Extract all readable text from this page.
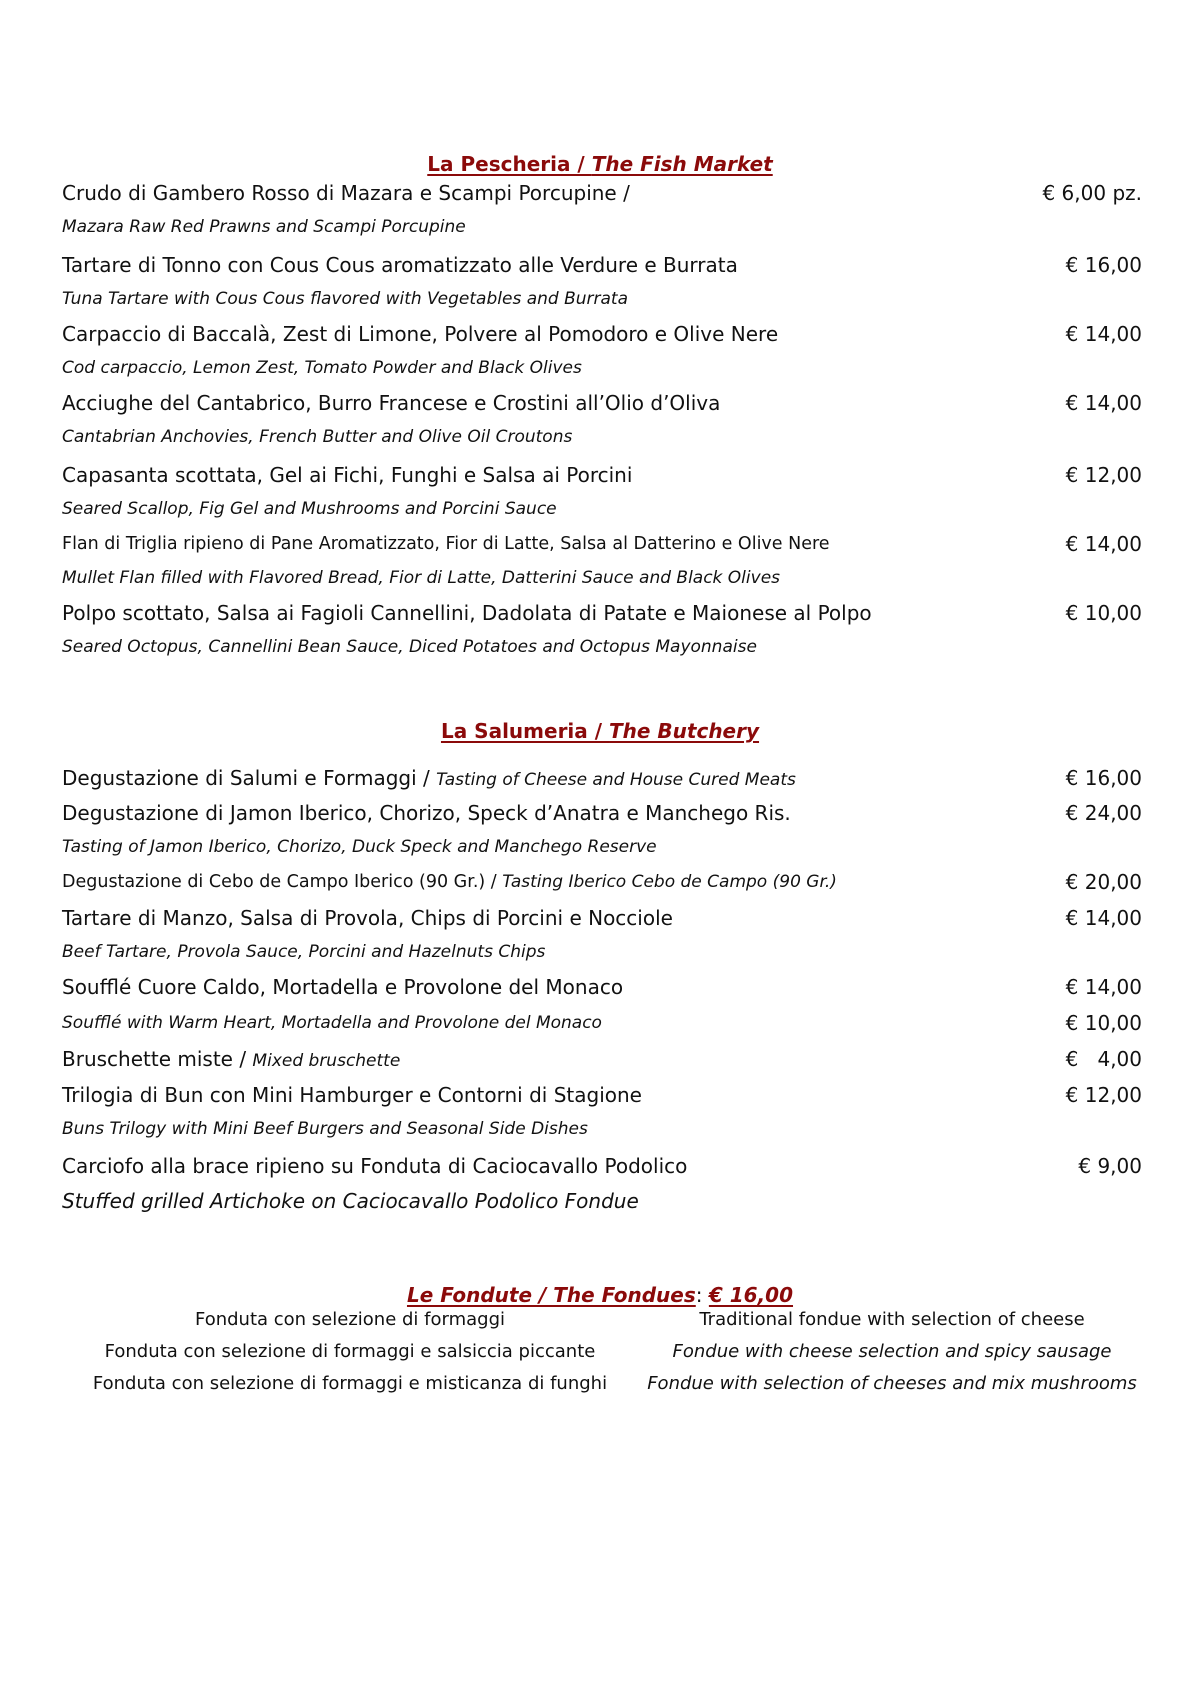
La Pescheria / The Fish Market
Crudo di Gambero Rosso di Mazara e Scampi Porcupine /	€ 6,00 pz.
Mazara Raw Red Prawns and Scampi Porcupine
Tartare di Tonno con Cous Cous aromatizzato alle Verdure e Burrata	€ 16,00
Tuna Tartare with Cous Cous flavored with Vegetables and Burrata
Carpaccio di Baccalà, Zest di Limone, Polvere al Pomodoro e Olive Nere	€ 14,00
Cod carpaccio, Lemon Zest, Tomato Powder and Black Olives
Acciughe del Cantabrico, Burro Francese e Crostini all’Olio d’Oliva	€ 14,00
Cantabrian Anchovies, French Butter and Olive Oil Croutons
Capasanta scottata, Gel ai Fichi, Funghi e Salsa ai Porcini	€ 12,00
Seared Scallop, Fig Gel and Mushrooms and Porcini Sauce
Flan di Triglia ripieno di Pane Aromatizzato, Fior di Latte, Salsa al Datterino e Olive Nere	€ 14,00
Mullet Flan filled with Flavored Bread, Fior di Latte, Datterini Sauce and Black Olives
Polpo scottato, Salsa ai Fagioli Cannellini, Dadolata di Patate e Maionese al Polpo	€ 10,00
Seared Octopus, Cannellini Bean Sauce, Diced Potatoes and Octopus Mayonnaise
La Salumeria / The Butchery
Degustazione di Salumi e Formaggi / Tasting of Cheese and House Cured Meats	€ 16,00
Degustazione di Jamon Iberico, Chorizo, Speck d’Anatra e Manchego Ris.	€ 24,00
Tasting of Jamon Iberico, Chorizo, Duck Speck and Manchego Reserve
Degustazione di Cebo de Campo Iberico (90 Gr.) / Tasting Iberico Cebo de Campo (90 Gr.)	€ 20,00
Tartare di Manzo, Salsa di Provola, Chips di Porcini e Nocciole	€ 14,00
Beef Tartare, Provola Sauce, Porcini and Hazelnuts Chips
Soufflé Cuore Caldo, Mortadella e Provolone del Monaco	€ 14,00
Soufflé with Warm Heart, Mortadella and Provolone del Monaco	€ 10,00
Bruschette miste / Mixed bruschette	€   4,00
Trilogia di Bun con Mini Hamburger e Contorni di Stagione	€ 12,00
Buns Trilogy with Mini Beef Burgers and Seasonal Side Dishes
Carciofo alla brace ripieno su Fonduta di Caciocavallo Podolico	€ 9,00
Stuffed grilled Artichoke on Caciocavallo Podolico Fondue
Le Fondute / The Fondues: € 16,00
Fonduta con selezione di formaggi	Traditional fondue with selection of cheese
Fonduta con selezione di formaggi e salsiccia piccante	Fondue with cheese selection and spicy sausage
Fonduta con selezione di formaggi e misticanza di funghi	Fondue with selection of cheeses and mix mushrooms
